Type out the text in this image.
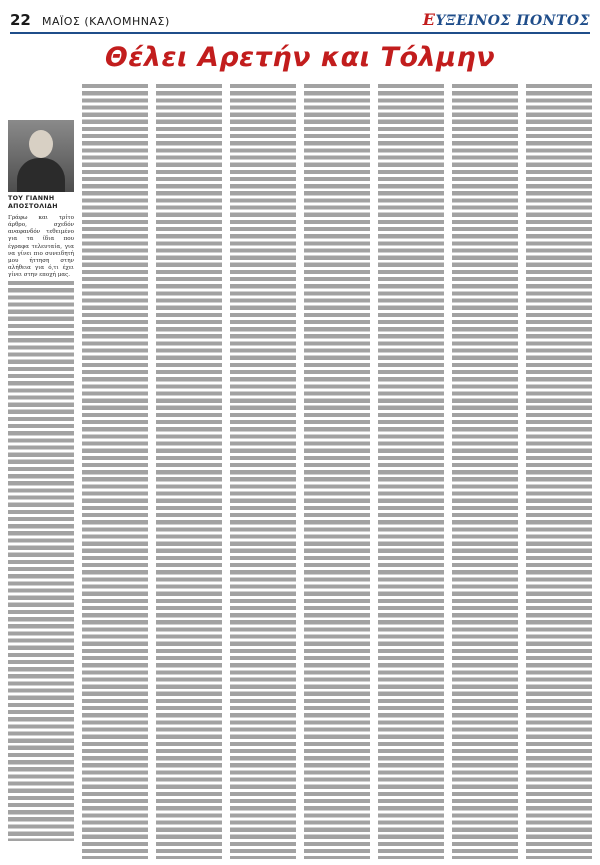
22 ΜΑΪΟΣ (ΚΑΛΟΜΗΝΑΣ)	ΕΥΞΕΙΝΟΣ ΠΟΝΤΟΣ
Θέλει Αρετήν και Τόλμην
ΤΟΥ ΓΙΑΝΝΗ
ΑΠΟΣΤΟΛΙΔΗ
Γράφω και τρίτο άρθρο, σχεδόν αναφανδόν τεθειμένο για τα ίδια που έγραφα τελευταία, για να γίνει πιο συνειδητή μου ήττηση στην αλήθεια για ό,τι έχει γίνει στην εποχή μας.
